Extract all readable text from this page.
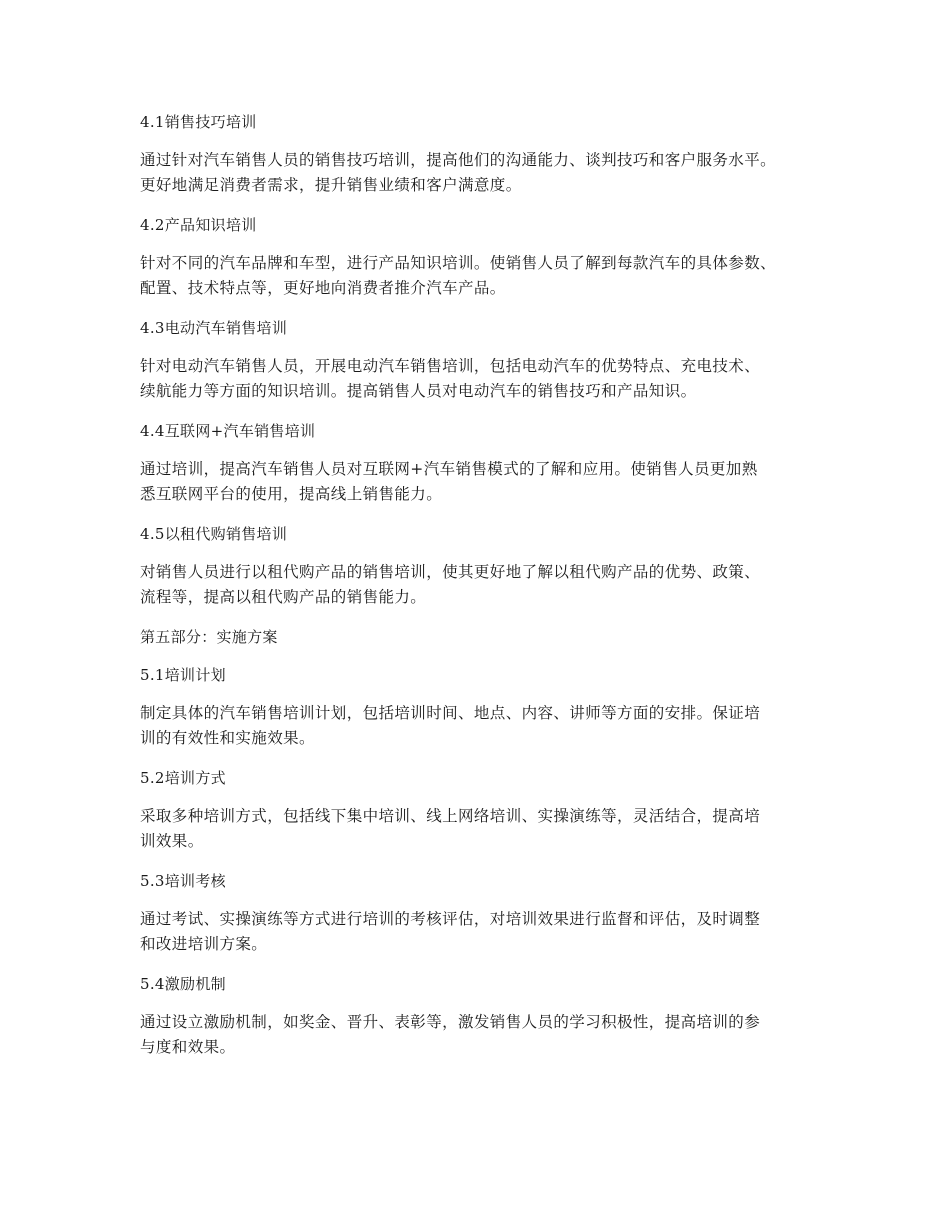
4.1销售技巧培训
通过针对汽车销售人员的销售技巧培训，提高他们的沟通能力、谈判技巧和客户服务水平。
更好地满足消费者需求，提升销售业绩和客户满意度。
4.2产品知识培训
针对不同的汽车品牌和车型，进行产品知识培训。使销售人员了解到每款汽车的具体参数、
配置、技术特点等，更好地向消费者推介汽车产品。
4.3电动汽车销售培训
针对电动汽车销售人员，开展电动汽车销售培训，包括电动汽车的优势特点、充电技术、
续航能力等方面的知识培训。提高销售人员对电动汽车的销售技巧和产品知识。
4.4互联网+汽车销售培训
通过培训，提高汽车销售人员对互联网+汽车销售模式的了解和应用。使销售人员更加熟
悉互联网平台的使用，提高线上销售能力。
4.5以租代购销售培训
对销售人员进行以租代购产品的销售培训，使其更好地了解以租代购产品的优势、政策、
流程等，提高以租代购产品的销售能力。
第五部分：实施方案
5.1培训计划
制定具体的汽车销售培训计划，包括培训时间、地点、内容、讲师等方面的安排。保证培
训的有效性和实施效果。
5.2培训方式
采取多种培训方式，包括线下集中培训、线上网络培训、实操演练等，灵活结合，提高培
训效果。
5.3培训考核
通过考试、实操演练等方式进行培训的考核评估，对培训效果进行监督和评估，及时调整
和改进培训方案。
5.4激励机制
通过设立激励机制，如奖金、晋升、表彰等，激发销售人员的学习积极性，提高培训的参
与度和效果。
